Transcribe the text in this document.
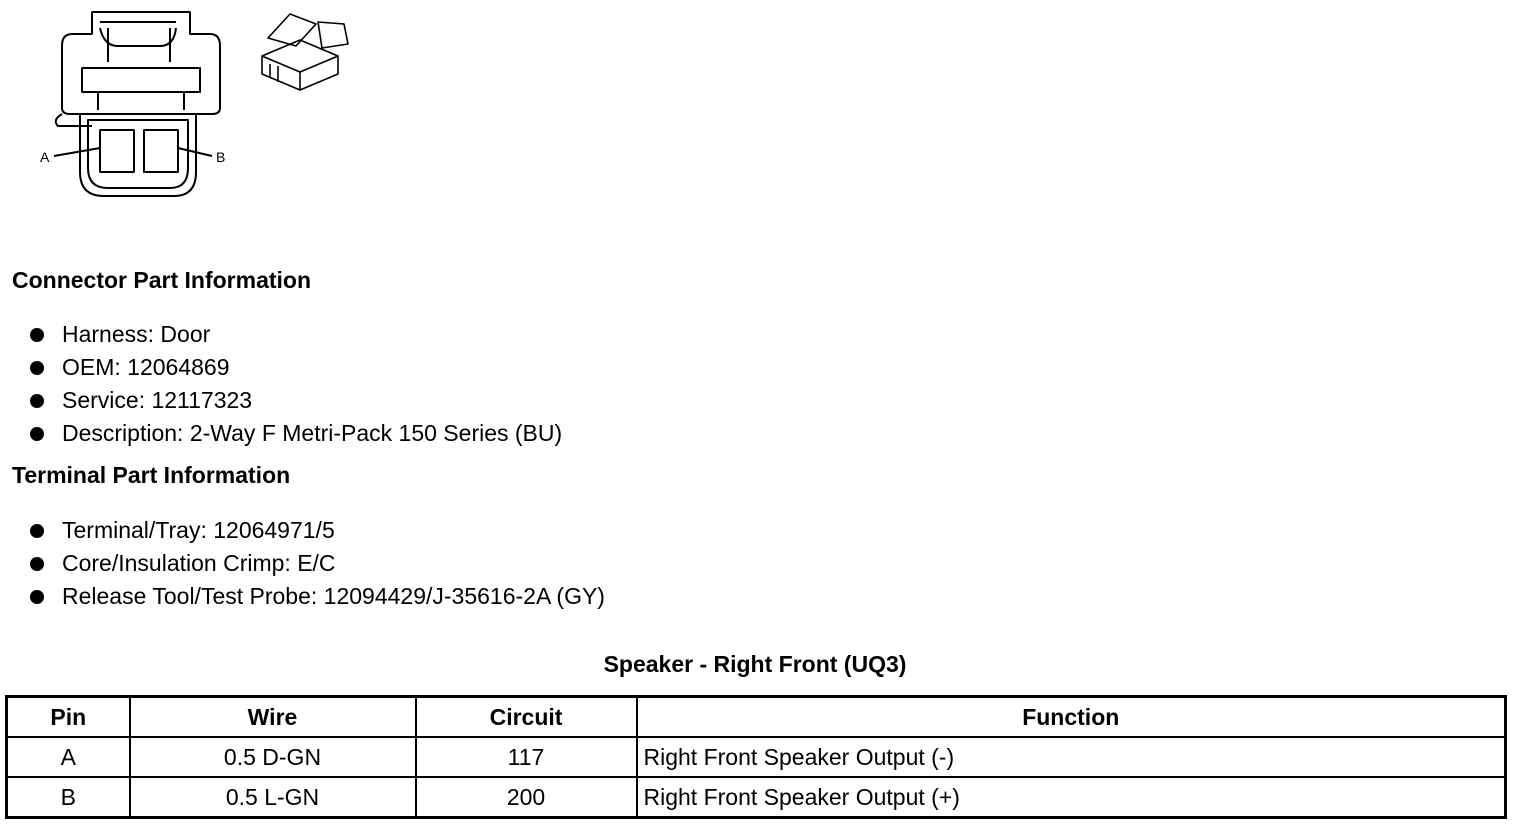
A	B
Connector Part Information
Harness: Door
OEM: 12064869
Service: 12117323
Description: 2-Way F Metri-Pack 150 Series (BU)
Terminal Part Information
Terminal/Tray: 12064971/5
Core/Insulation Crimp: E/C
Release Tool/Test Probe: 12094429/J-35616-2A (GY)
Speaker - Right Front (UQ3)
Pin	Wire	Circuit	Function
A	0.5 D-GN	117	Right Front Speaker Output (-)
B	0.5 L-GN	200	Right Front Speaker Output (+)
